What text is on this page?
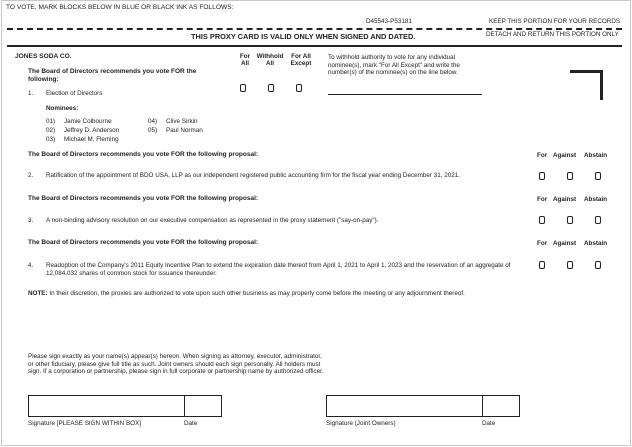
TO VOTE, MARK BLOCKS BELOW IN BLUE OR BLACK INK AS FOLLOWS:
D45543-P53181	KEEP THIS PORTION FOR YOUR RECORDS
THIS PROXY CARD IS VALID ONLY WHEN SIGNED AND DATED.	DETACH AND RETURN THIS PORTION ONLY
JONES SODA CO.
The Board of Directors recommends you vote FOR the following:
For All
Withhold All
For All Except
To withhold authority to vote for any individual nominee(s), mark "For All Except" and write the number(s) of the nominee(s) on the line below.
1. Election of Directors
Nominees:
01) Jamie Colbourne
02) Jeffrey D. Anderson
03) Michael M. Fleming
04) Clive Sirkin
05) Paul Norman
The Board of Directors recommends you vote FOR the following proposal:	For Against Abstain
2. Ratification of the appointment of BDO USA, LLP as our independent registered public accounting firm for the fiscal year ending December 31, 2021.
The Board of Directors recommends you vote FOR the following proposal:	For Against Abstain
3. A non-binding advisory resolution on our executive compensation as represented in the proxy statement ("say-on-pay").
The Board of Directors recommends you vote FOR the following proposal:	For Against Abstain
4. Readoption of the Company's 2011 Equity Incentive Plan to extend the expiration date thereof from April 1, 2021 to April 1, 2023 and the reservation of an aggregate of 12,084,032 shares of common stock for issuance thereunder.
NOTE: In their discretion, the proxies are authorized to vote upon such other business as may properly come before the meeting or any adjournment thereof.
Please sign exactly as your name(s) appear(s) hereon. When signing as attorney, executor, administrator, or other fiduciary, please give full title as such. Joint owners should each sign personally. All holders must sign. If a corporation or partnership, please sign in full corporate or partnership name by authorized officer.
Signature [PLEASE SIGN WITHIN BOX]	Date	Signature (Joint Owners)	Date
